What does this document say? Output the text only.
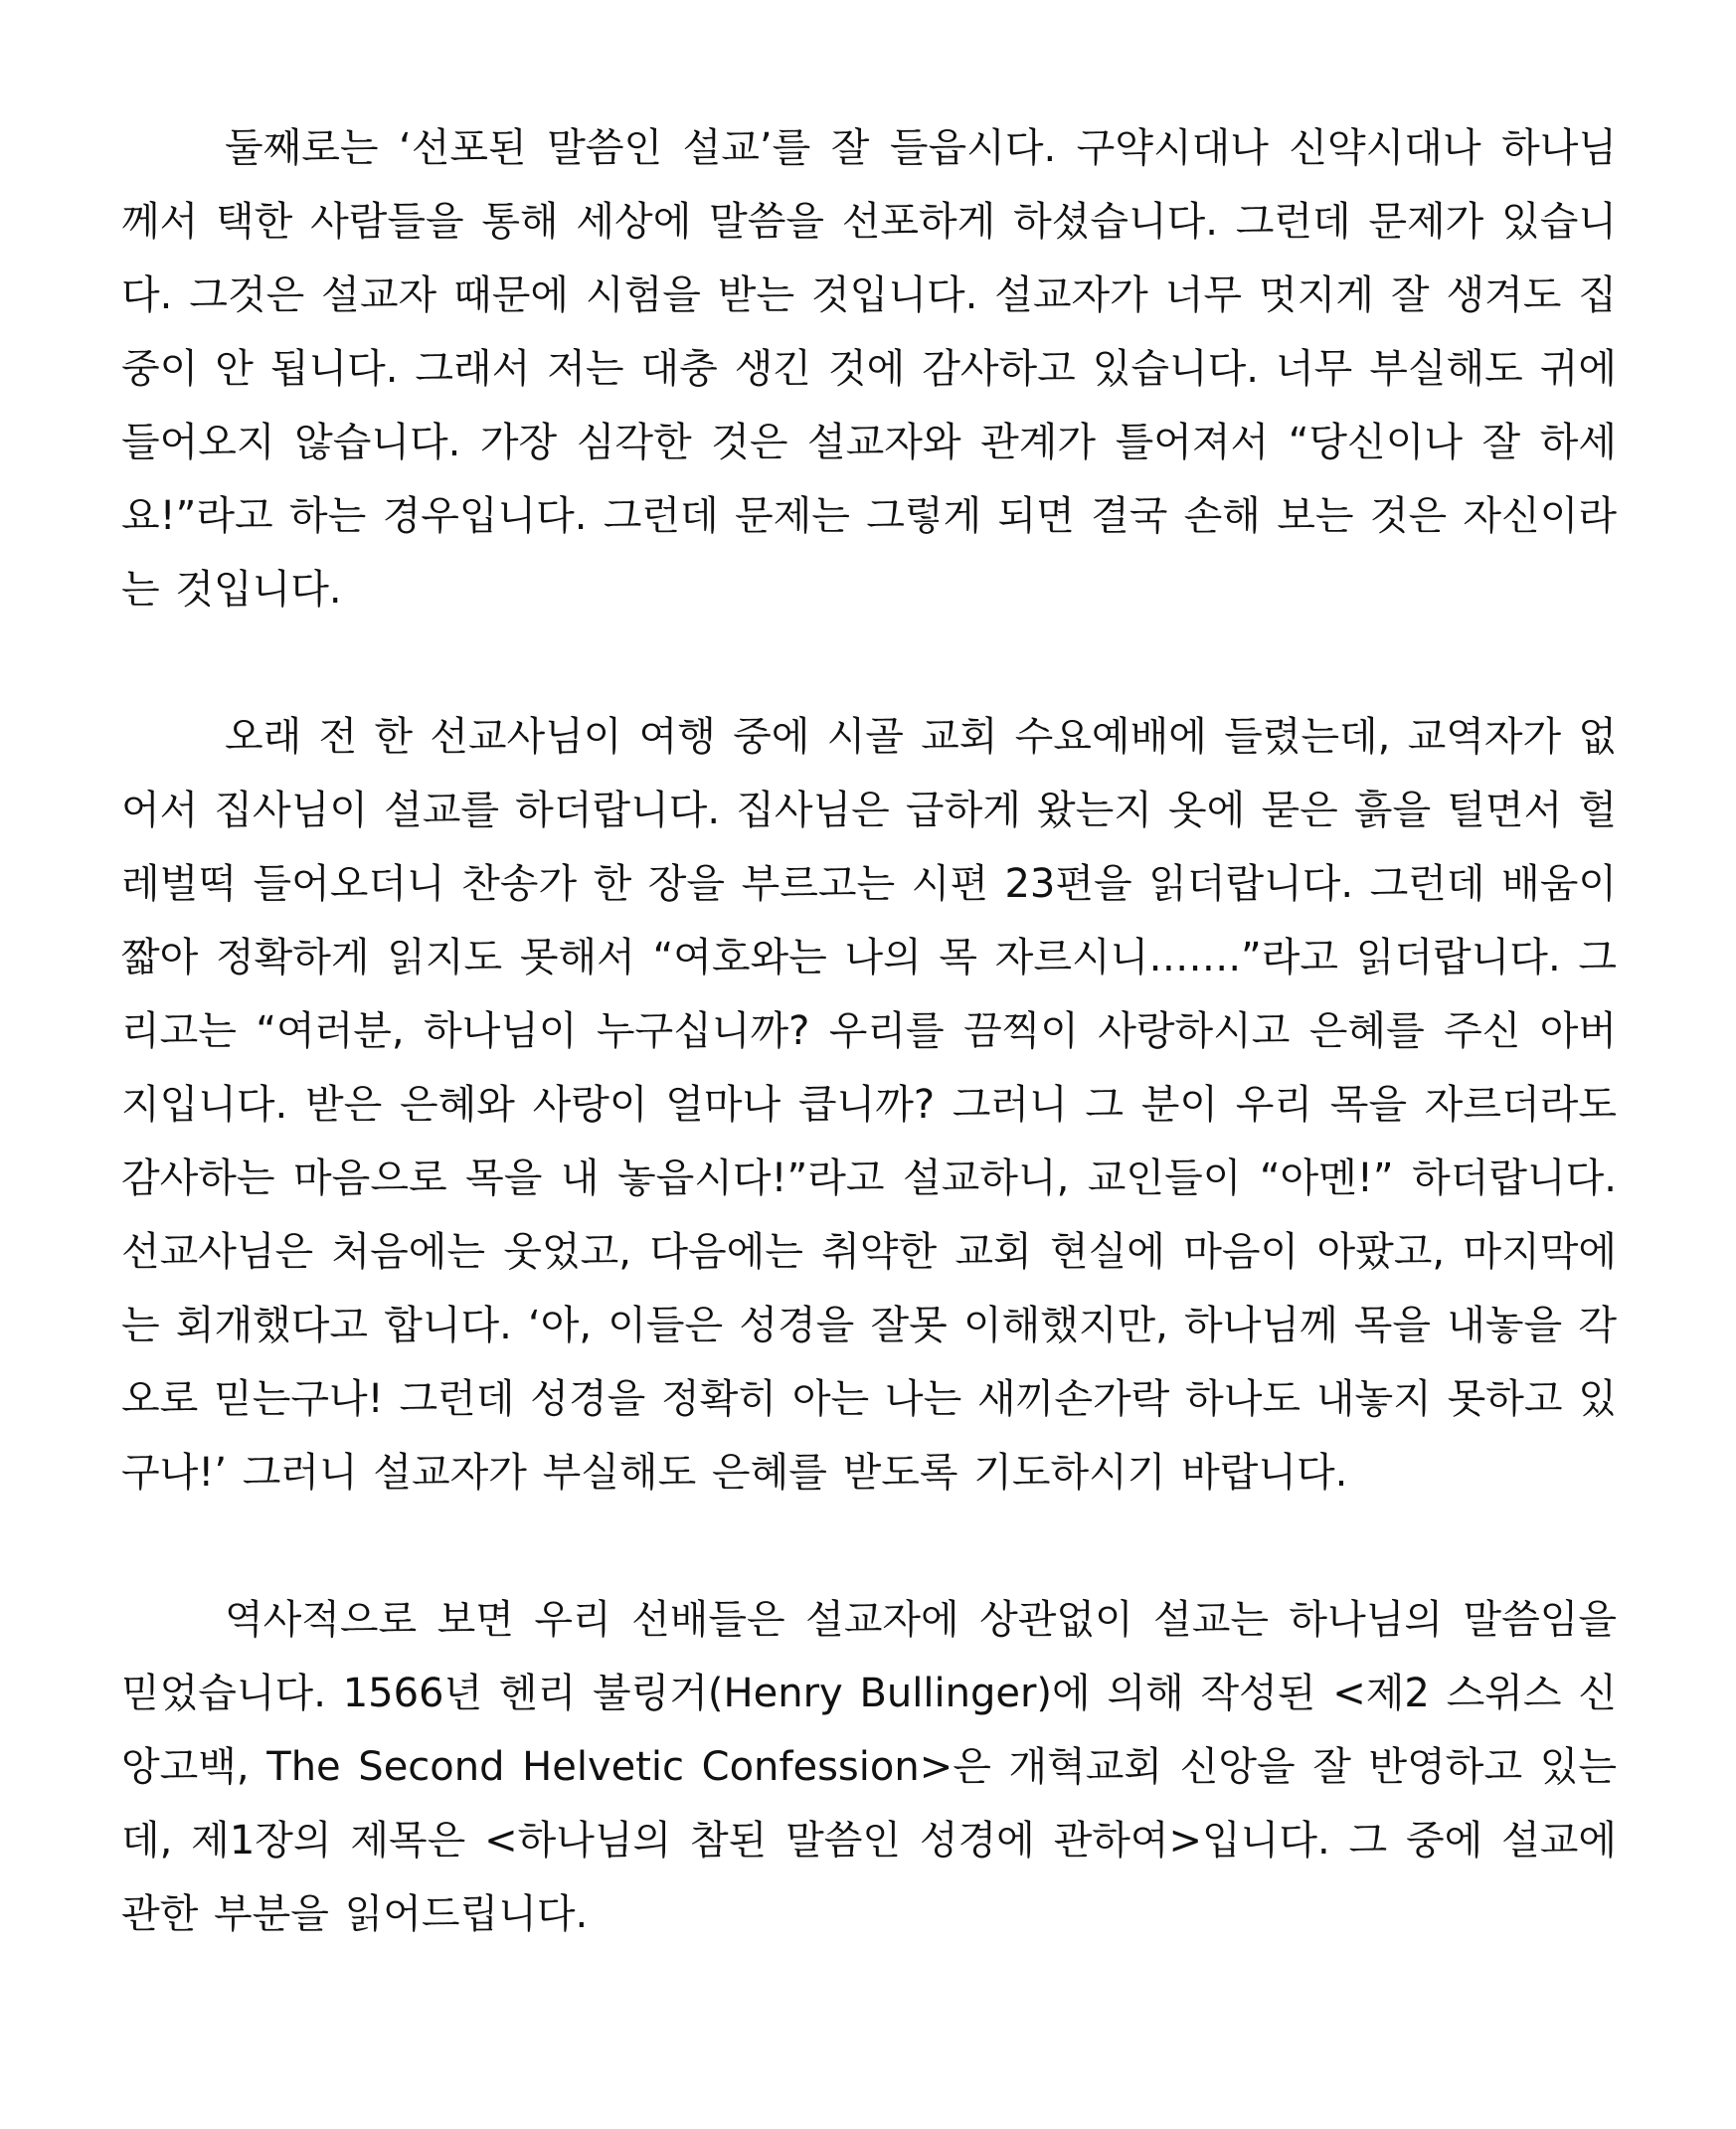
둘째로는 ‘선포된 말씀인 설교’를 잘 들읍시다. 구약시대나 신약시대나 하나님께서 택한 사람들을 통해 세상에 말씀을 선포하게 하셨습니다. 그런데 문제가 있습니다. 그것은 설교자 때문에 시험을 받는 것입니다. 설교자가 너무 멋지게 잘 생겨도 집중이 안 됩니다. 그래서 저는 대충 생긴 것에 감사하고 있습니다. 너무 부실해도 귀에 들어오지 않습니다. 가장 심각한 것은 설교자와 관계가 틀어져서 “당신이나 잘 하세요!”라고 하는 경우입니다. 그런데 문제는 그렇게 되면 결국 손해 보는 것은 자신이라는 것입니다.

오래 전 한 선교사님이 여행 중에 시골 교회 수요예배에 들렸는데, 교역자가 없어서 집사님이 설교를 하더랍니다. 집사님은 급하게 왔는지 옷에 묻은 흙을 털면서 헐레벌떡 들어오더니 찬송가 한 장을 부르고는 시편 23편을 읽더랍니다. 그런데 배움이 짧아 정확하게 읽지도 못해서 “여호와는 나의 목 자르시니…….”라고 읽더랍니다. 그리고는 “여러분, 하나님이 누구십니까? 우리를 끔찍이 사랑하시고 은혜를 주신 아버지입니다. 받은 은혜와 사랑이 얼마나 큽니까? 그러니 그 분이 우리 목을 자르더라도 감사하는 마음으로 목을 내 놓읍시다!”라고 설교하니, 교인들이 “아멘!” 하더랍니다. 선교사님은 처음에는 웃었고, 다음에는 취약한 교회 현실에 마음이 아팠고, 마지막에는 회개했다고 합니다. ‘아, 이들은 성경을 잘못 이해했지만, 하나님께 목을 내놓을 각오로 믿는구나! 그런데 성경을 정확히 아는 나는 새끼손가락 하나도 내놓지 못하고 있구나!’ 그러니 설교자가 부실해도 은혜를 받도록 기도하시기 바랍니다.

역사적으로 보면 우리 선배들은 설교자에 상관없이 설교는 하나님의 말씀임을 믿었습니다. 1566년 헨리 불링거(Henry Bullinger)에 의해 작성된 <제2 스위스 신앙고백, The Second Helvetic Confession>은 개혁교회 신앙을 잘 반영하고 있는데, 제1장의 제목은 <하나님의 참된 말씀인 성경에 관하여>입니다. 그 중에 설교에 관한 부분을 읽어드립니다.
